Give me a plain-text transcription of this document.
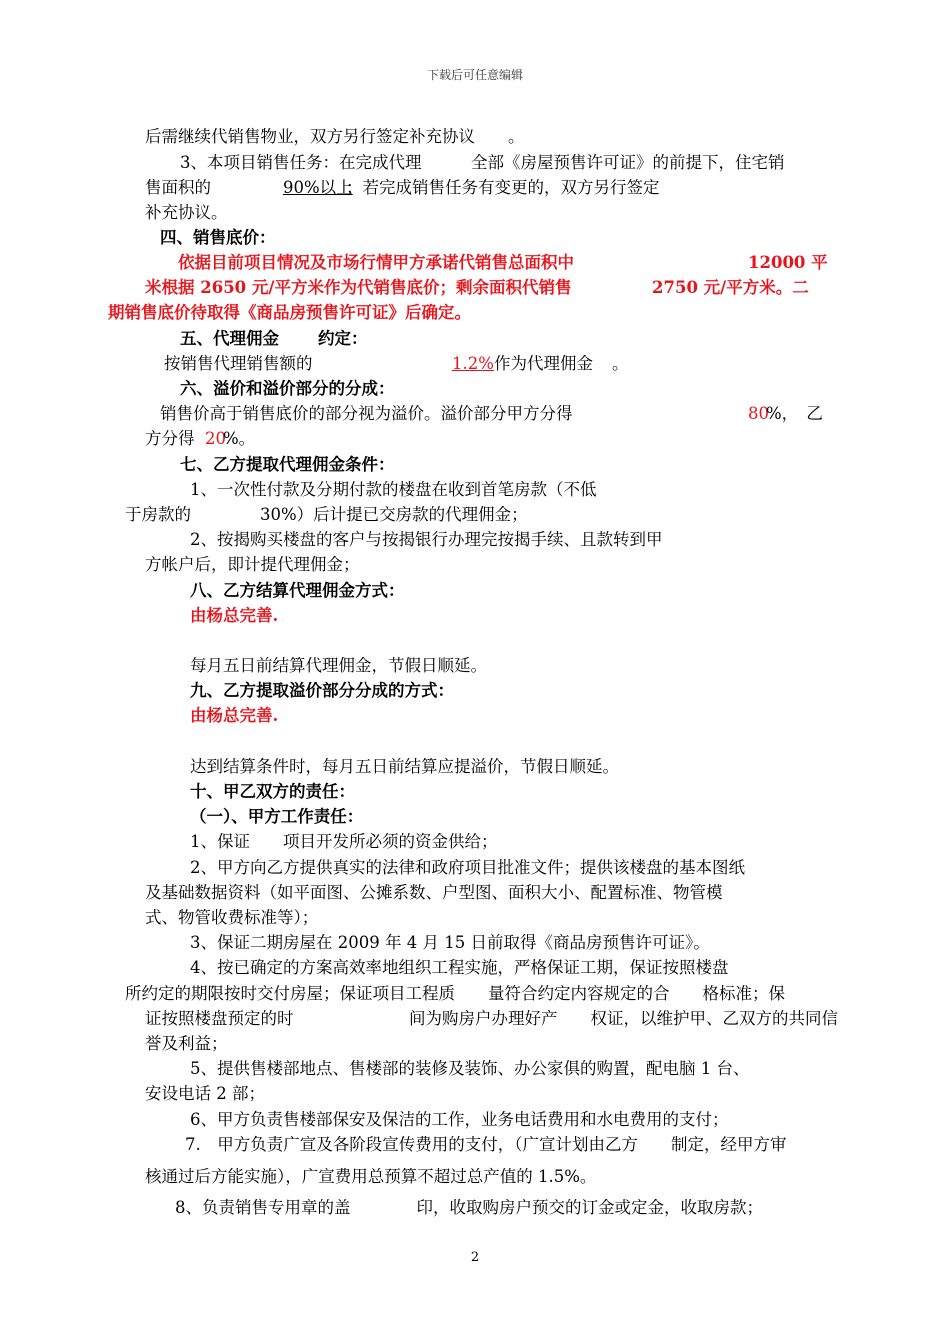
下载后可任意编辑
后需继续代销售物业，双方另行签定补充协议　　。
3、本项目销售任务：在完成代理　　　全部《房屋预售许可证》的前提下，住宅销
售面积的	90%以上
；若完成销售任务有变更的，双方另行签定
补充协议。
四、销售底价：
依据目前项目情况及市场行情甲方承诺代销售总面积中	12000 平
米根据 2650 元/平方米作为代销售底价；剩余面积代销售	2750 元/平方米。二
期销售底价待取得《商品房预售许可证》后确定。
五、代理佣金 约定：
按销售代理销售额的	1.2% 作为代理佣金 。
六、溢价和溢价部分的分成：
销售价高于销售底价的部分视为溢价。溢价部分甲方分得	80
%，　乙
方分得 20
%。
七、乙方提取代理佣金条件：
1、一次性付款及分期付款的楼盘在收到首笔房款（不低
于房款的	30%）后计提已交房款的代理佣金；
2、按揭购买楼盘的客户与按揭银行办理完按揭手续、且款转到甲
方帐户后，即计提代理佣金；
八、乙方结算代理佣金方式：
由杨总完善.
每月五日前结算代理佣金，节假日顺延。
九、乙方提取溢价部分分成的方式：
由杨总完善.
达到结算条件时，每月五日前结算应提溢价，节假日顺延。
十、甲乙双方的责任：
（一）、甲方工作责任：
1、保证　　项目开发所必须的资金供给；
2、甲方向乙方提供真实的法律和政府项目批准文件；提供该楼盘的基本图纸
及基础数据资料（如平面图、公摊系数、户型图、面积大小、配置标准、物管模
式、物管收费标准等）；
3、保证二期房屋在 2009 年 4 月 15 日前取得《商品房预售许可证》。
4、按已确定的方案高效率地组织工程实施，严格保证工期，保证按照楼盘
所约定的期限按时交付房屋；保证项目工程质　　量符合约定内容规定的合　　格标准；保
证按照楼盘预定的时　　　　　　　间为购房户办理好产　　权证，以维护甲、乙双方的共同信
誉及利益；
5、提供售楼部地点、售楼部的装修及装饰、办公家俱的购置，配电脑 1 台、
安设电话 2 部；
6、甲方负责售楼部保安及保洁的工作，业务电话费用和水电费用的支付；
7.　甲方负责广宣及各阶段宣传费用的支付，（广宣计划由乙方　　制定，经甲方审
核通过后方能实施），广宣费用总预算不超过总产值的 1.5%。
8、负责销售专用章的盖　　　　印，收取购房户预交的订金或定金，收取房款；
2
